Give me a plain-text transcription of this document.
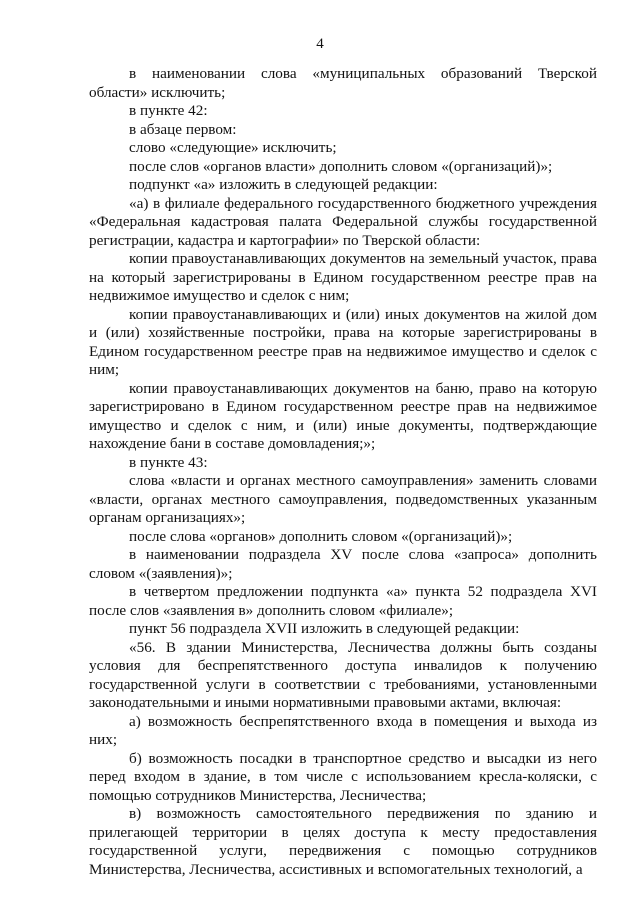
4

в наименовании слова «муниципальных образований Тверской области» исключить;

в пункте 42:

в абзаце первом:

слово «следующие» исключить;

после слов «органов власти» дополнить словом «(организаций)»;

подпункт «а» изложить в следующей редакции:

«а) в филиале федерального государственного бюджетного учреждения «Федеральная кадастровая палата Федеральной службы государственной регистрации, кадастра и картографии» по Тверской области:

копии правоустанавливающих документов на земельный участок, права на который зарегистрированы в Едином государственном реестре прав на недвижимое имущество и сделок с ним;

копии правоустанавливающих и (или) иных документов на жилой дом и (или) хозяйственные постройки, права на которые зарегистрированы в Едином государственном реестре прав на недвижимое имущество и сделок с ним;

копии правоустанавливающих документов на баню, право на которую зарегистрировано в Едином государственном реестре прав на недвижимое имущество и сделок с ним, и (или) иные документы, подтверждающие нахождение бани в составе домовладения;»;

в пункте 43:

слова «власти и органах местного самоуправления» заменить словами «власти, органах местного самоуправления, подведомственных указанным органам организациях»;

после слова «органов» дополнить словом «(организаций)»;

в наименовании подраздела XV после слова «запроса» дополнить словом «(заявления)»;

в четвертом предложении подпункта «а» пункта 52 подраздела XVI после слов «заявления в» дополнить словом «филиале»;

пункт 56 подраздела XVII изложить в следующей редакции:

«56. В здании Министерства, Лесничества должны быть созданы условия для беспрепятственного доступа инвалидов к получению государственной услуги в соответствии с требованиями, установленными законодательными и иными нормативными правовыми актами, включая:

а) возможность беспрепятственного входа в помещения и выхода из них;

б) возможность посадки в транспортное средство и высадки из него перед входом в здание, в том числе с использованием кресла-коляски, с помощью сотрудников Министерства, Лесничества;

в) возможность самостоятельного передвижения по зданию и прилегающей территории в целях доступа к месту предоставления государственной услуги, передвижения с помощью сотрудников Министерства, Лесничества, ассистивных и вспомогательных технологий, а
